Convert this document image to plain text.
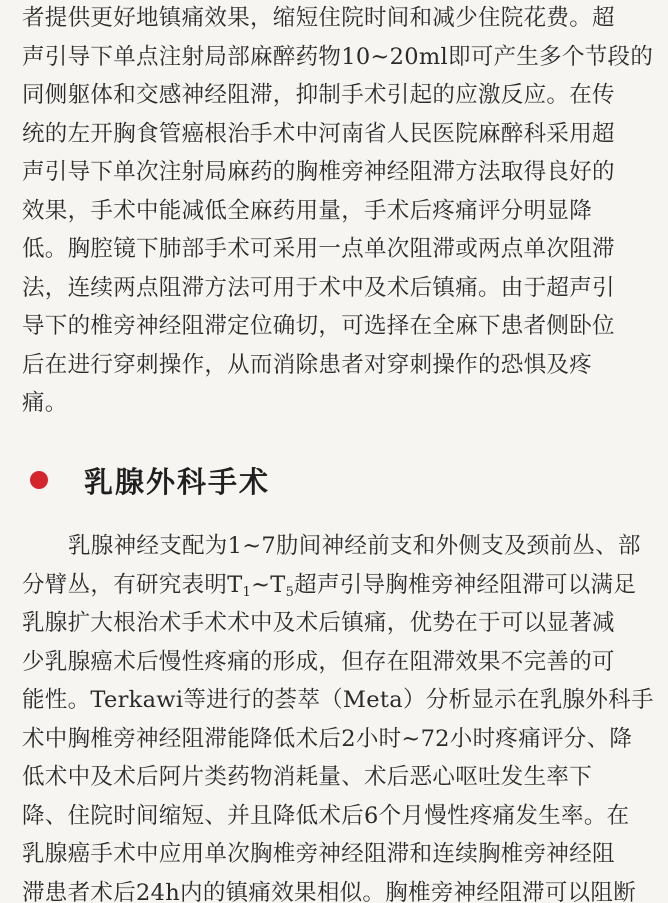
者提供更好地镇痛效果，缩短住院时间和减少住院花费。超
声引导下单点注射局部麻醉药物10~20ml即可产生多个节段的
同侧躯体和交感神经阻滞，抑制手术引起的应激反应。在传
统的左开胸食管癌根治手术中河南省人民医院麻醉科采用超
声引导下单次注射局麻药的胸椎旁神经阻滞方法取得良好的
效果，手术中能减低全麻药用量，手术后疼痛评分明显降
低。胸腔镜下肺部手术可采用一点单次阻滞或两点单次阻滞
法，连续两点阻滞方法可用于术中及术后镇痛。由于超声引
导下的椎旁神经阻滞定位确切，可选择在全麻下患者侧卧位
后在进行穿刺操作，从而消除患者对穿刺操作的恐惧及疼
痛。
乳腺外科手术
乳腺神经支配为1~7肋间神经前支和外侧支及颈前丛、部
分臂丛，有研究表明$T_1\sim T_5$超声引导胸椎旁神经阻滞可以满足
乳腺扩大根治术手术术中及术后镇痛，优势在于可以显著减
少乳腺癌术后慢性疼痛的形成，但存在阻滞效果不完善的可
能性。Terkawi等进行的荟萃（Meta）分析显示在乳腺外科手
术中胸椎旁神经阻滞能降低术后2小时~72小时疼痛评分、降
低术中及术后阿片类药物消耗量、术后恶心呕吐发生率下
降、住院时间缩短、并且降低术后6个月慢性疼痛发生率。在
乳腺癌手术中应用单次胸椎旁神经阻滞和连续胸椎旁神经阻
滞患者术后24h内的镇痛效果相似。胸椎旁神经阻滞可以阻断
